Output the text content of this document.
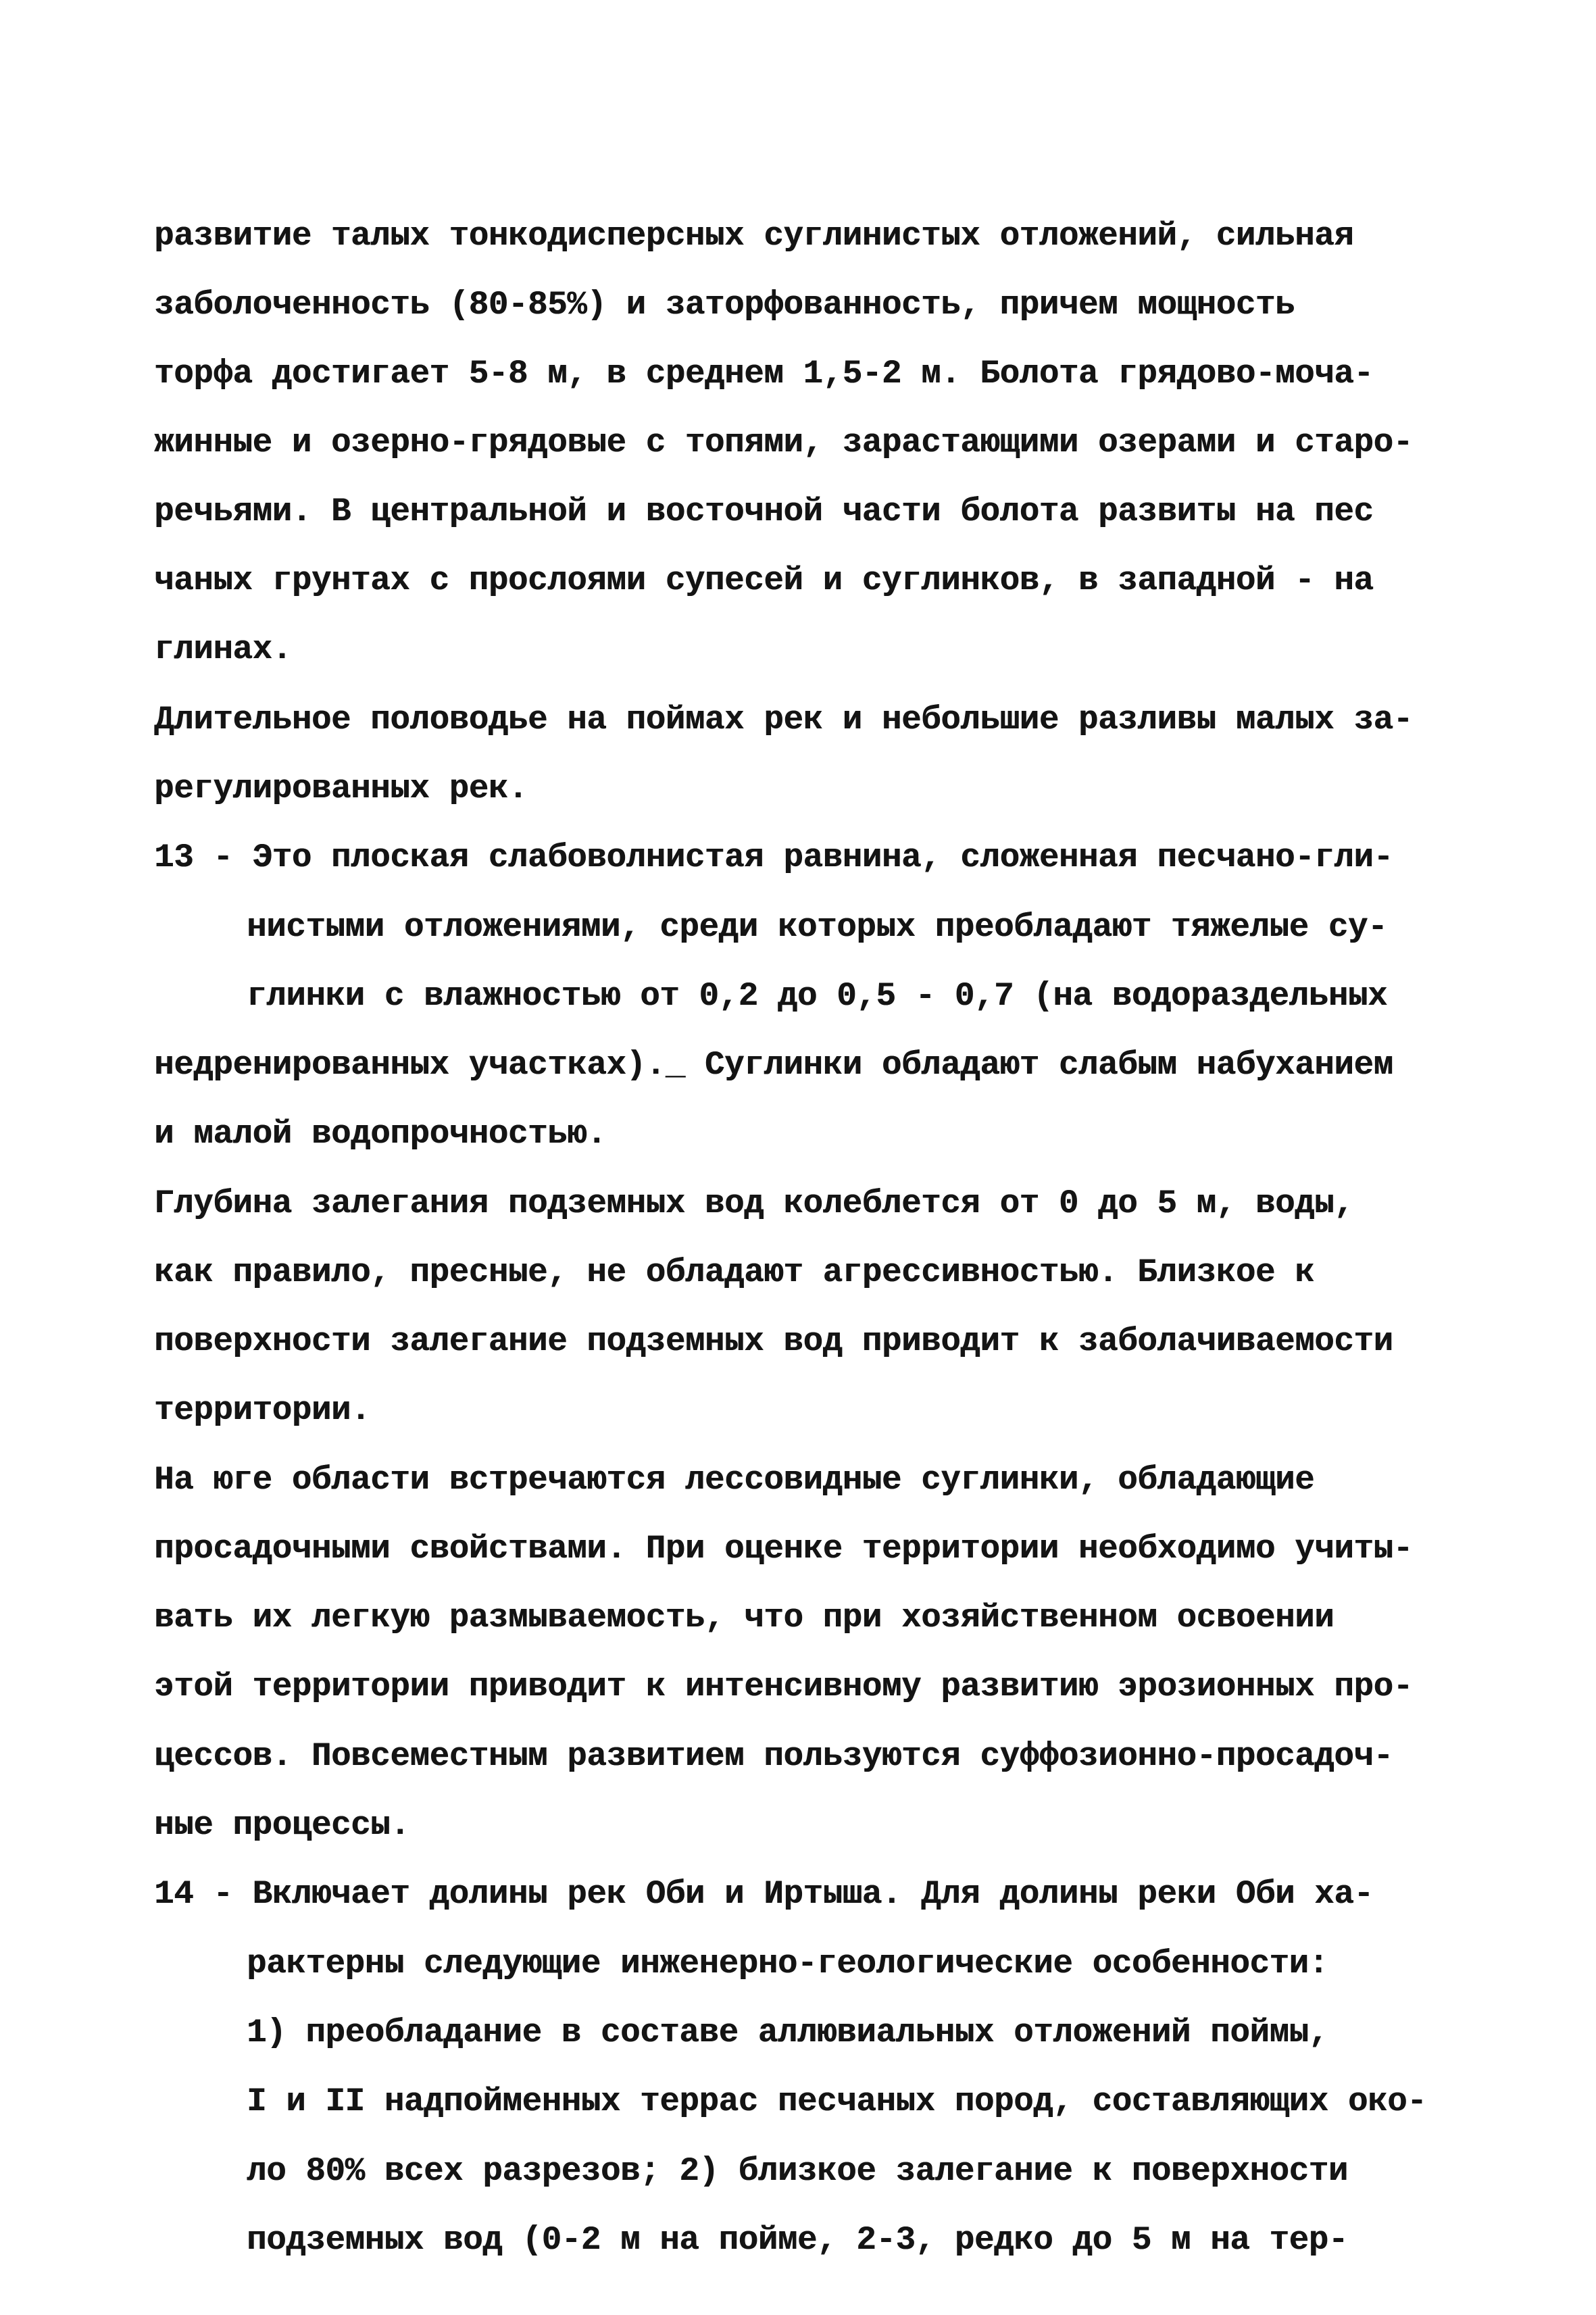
развитие талых тонкодисперсных суглинистых отложений, сильная
заболоченность (80-85%) и заторфованность, причем мощность
торфа достигает 5-8 м, в среднем 1,5-2 м. Болота грядово-моча-
жинные и озерно-грядовые с топями, зарастающими озерами и старо-
речьями. В центральной и восточной части болота развиты на пес
чаных грунтах с прослоями супесей и суглинков, в западной - на
глинах.
Длительное половодье на поймах рек и небольшие разливы малых за-
регулированных рек.
13 - Это плоская слабоволнистая равнина, сложенная песчано-гли-
нистыми отложениями, среди которых преобладают тяжелые су-
глинки с влажностью от 0,2 до 0,5 - 0,7 (на водораздельных
недренированных участках)._ Суглинки обладают слабым набуханием
и малой водопрочностью.
Глубина залегания подземных вод колеблется от 0 до 5 м, воды,
как правило, пресные, не обладают агрессивностью. Близкое к
поверхности залегание подземных вод приводит к заболачиваемости
территории.
На юге области встречаются лессовидные суглинки, обладающие
просадочными свойствами. При оценке территории необходимо учиты-
вать их легкую размываемость, что при хозяйственном освоении
этой территории приводит к интенсивному развитию эрозионных про-
цессов. Повсеместным развитием пользуются суффозионно-просадоч-
ные процессы.
14 - Включает долины рек Оби и Иртыша. Для долины реки Оби ха-
рактерны следующие инженерно-геологические особенности:
1) преобладание в составе аллювиальных отложений поймы,
I и II надпойменных террас песчаных пород, составляющих око-
ло 80% всех разрезов; 2) близкое залегание к поверхности
подземных вод (0-2 м на пойме, 2-3, редко до 5 м на тер-
